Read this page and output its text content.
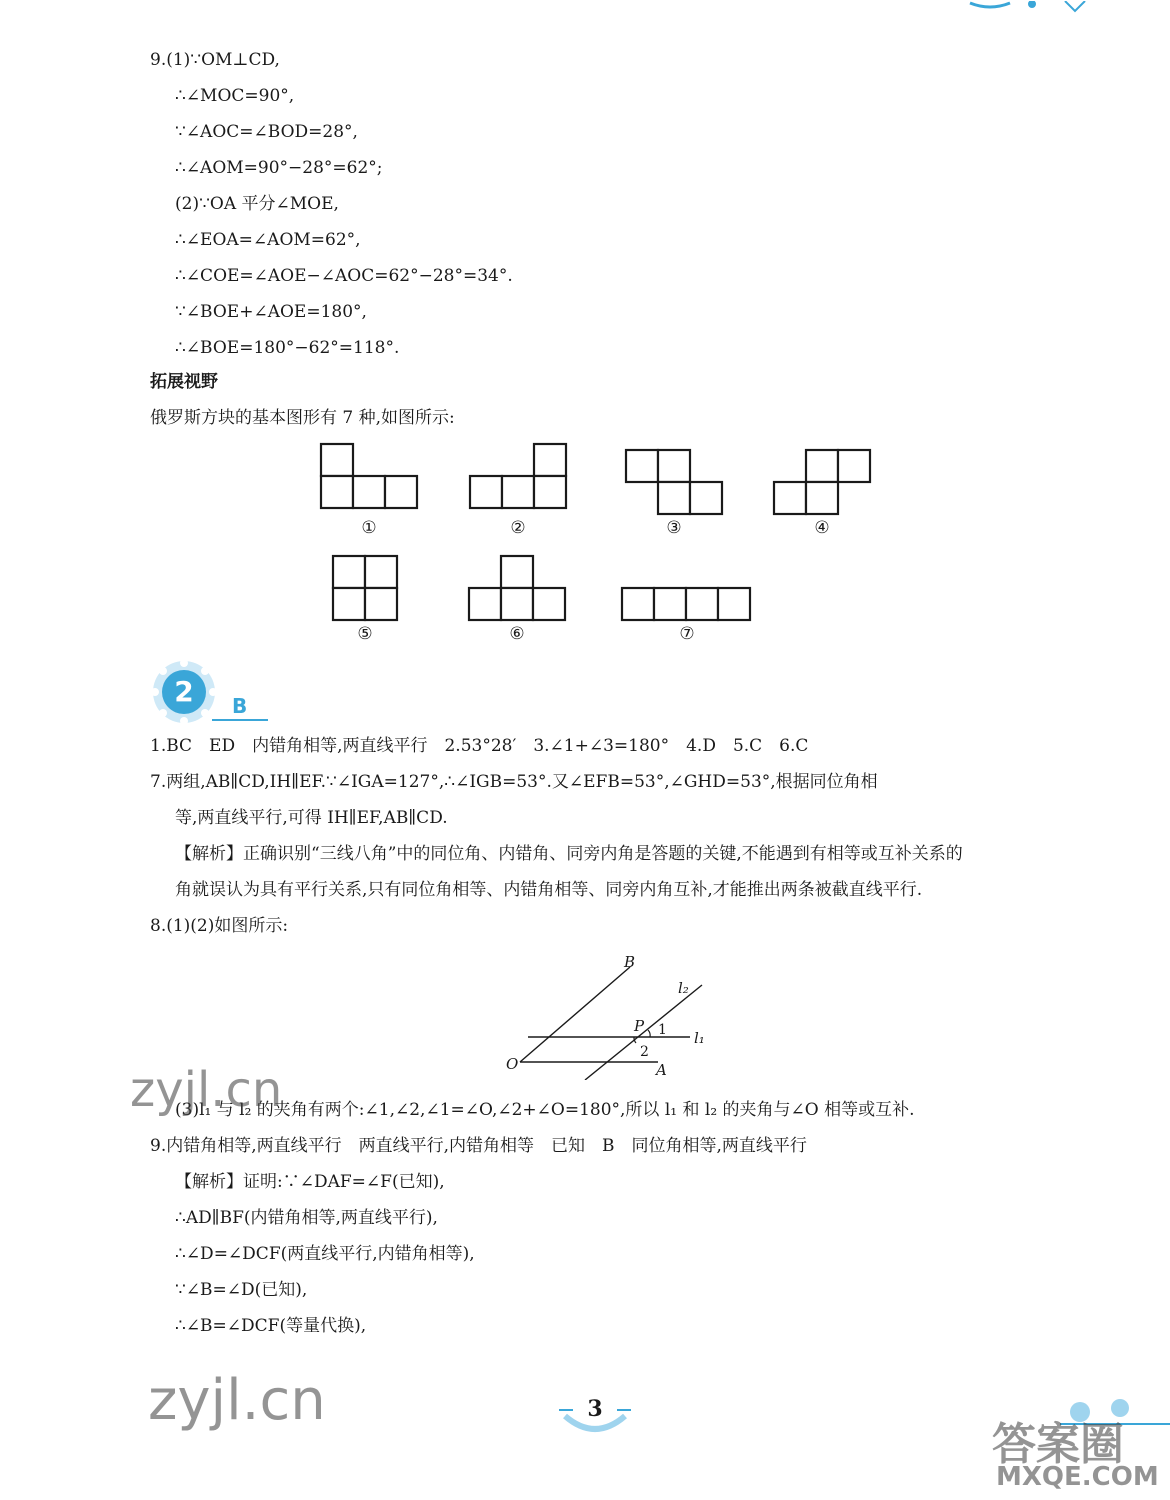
9.(1)∵OM⊥CD,
∴∠MOC=90°,
∵∠AOC=∠BOD=28°,
∴∠AOM=90°−28°=62°;
(2)∵OA 平分∠MOE,
∴∠EOA=∠AOM=62°,
∴∠COE=∠AOE−∠AOC=62°−28°=34°.
∵∠BOE+∠AOE=180°,
∴∠BOE=180°−62°=118°.
拓展视野
俄罗斯方块的基本图形有 7 种,如图所示:
①	②	③	④
⑤	⑥	⑦
2	B
1.BC　ED　内错角相等,两直线平行　2.53°28′　3.∠1+∠3=180°　4.D　5.C　6.C
7.两组,AB∥CD,IH∥EF.∵∠IGA=127°,∴∠IGB=53°.又∠EFB=53°,∠GHD=53°,根据同位角相
等,两直线平行,可得 IH∥EF,AB∥CD.
【解析】正确识别“三线八角”中的同位角、内错角、同旁内角是答题的关键,不能遇到有相等或互补关系的
角就误认为具有平行关系,只有同位角相等、内错角相等、同旁内角互补,才能推出两条被截直线平行.
8.(1)(2)如图所示:
B
l₂
P 1 l₁
2
O	A
(3)l₁ 与 l₂ 的夹角有两个:∠1,∠2,∠1=∠O,∠2+∠O=180°,所以 l₁ 和 l₂ 的夹角与∠O 相等或互补.
9.内错角相等,两直线平行　两直线平行,内错角相等　已知　B　同位角相等,两直线平行
【解析】证明:∵∠DAF=∠F(已知),
∴AD∥BF(内错角相等,两直线平行),
∴∠D=∠DCF(两直线平行,内错角相等),
∵∠B=∠D(已知),
∴∠B=∠DCF(等量代换),
3
zyjl.cn
zyjl.cn
答案圈
MXQE.COM
